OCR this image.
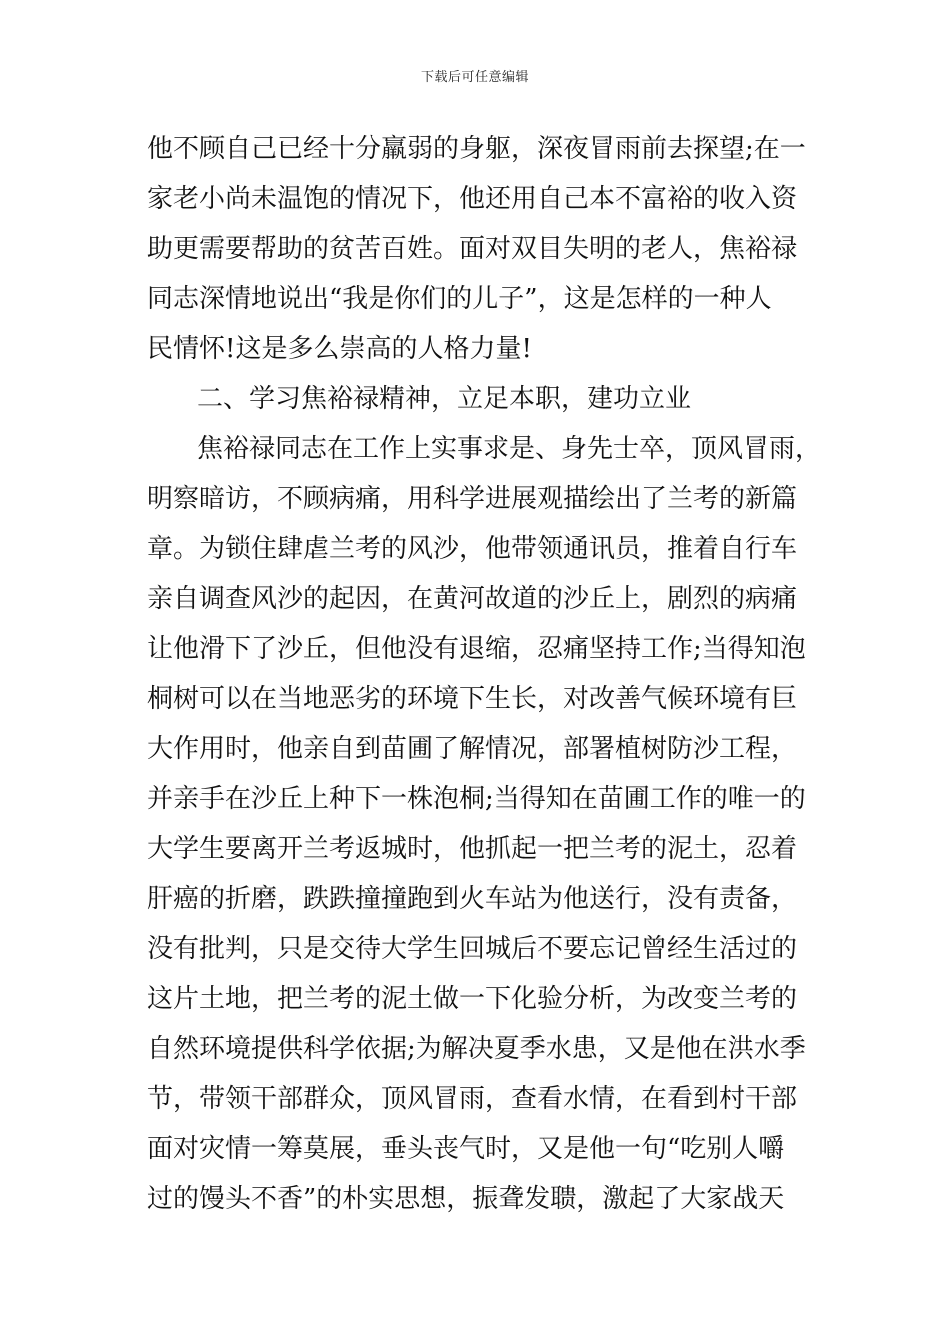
下载后可任意编辑
他不顾自己已经十分羸弱的身躯，深夜冒雨前去探望;在一
家老小尚未温饱的情况下，他还用自己本不富裕的收入资
助更需要帮助的贫苦百姓。面对双目失明的老人，焦裕禄
同志深情地说出“我是你们的儿子”，这是怎样的一种人
民情怀!这是多么崇高的人格力量!
二、学习焦裕禄精神，立足本职，建功立业
焦裕禄同志在工作上实事求是、身先士卒，顶风冒雨，
明察暗访，不顾病痛，用科学进展观描绘出了兰考的新篇
章。为锁住肆虐兰考的风沙，他带领通讯员，推着自行车
亲自调查风沙的起因，在黄河故道的沙丘上，剧烈的病痛
让他滑下了沙丘，但他没有退缩，忍痛坚持工作;当得知泡
桐树可以在当地恶劣的环境下生长，对改善气候环境有巨
大作用时，他亲自到苗圃了解情况，部署植树防沙工程，
并亲手在沙丘上种下一株泡桐;当得知在苗圃工作的唯一的
大学生要离开兰考返城时，他抓起一把兰考的泥土，忍着
肝癌的折磨，跌跌撞撞跑到火车站为他送行，没有责备，
没有批判，只是交待大学生回城后不要忘记曾经生活过的
这片土地，把兰考的泥土做一下化验分析，为改变兰考的
自然环境提供科学依据;为解决夏季水患，又是他在洪水季
节，带领干部群众，顶风冒雨，查看水情，在看到村干部
面对灾情一筹莫展，垂头丧气时，又是他一句“吃别人嚼
过的馒头不香”的朴实思想，振聋发聩，激起了大家战天
